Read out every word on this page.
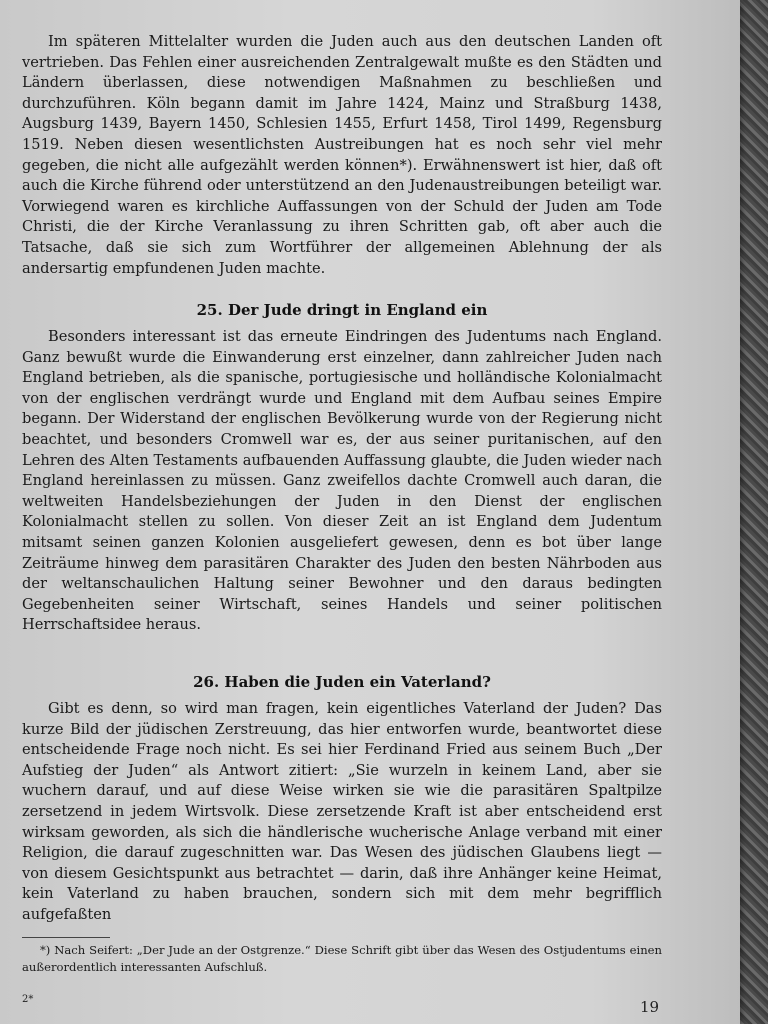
Im späteren Mittelalter wurden die Juden auch aus den deutschen Landen oft vertrieben. Das Fehlen einer ausreichenden Zentralgewalt mußte es den Städten und Ländern überlassen, diese notwendigen Maßnahmen zu beschließen und durchzuführen. Köln begann damit im Jahre 1424, Mainz und Straßburg 1438, Augsburg 1439, Bayern 1450, Schlesien 1455, Erfurt 1458, Tirol 1499, Regensburg 1519. Neben diesen wesentlichsten Austreibungen hat es noch sehr viel mehr gegeben, die nicht alle aufgezählt werden können*). Erwähnenswert ist hier, daß oft auch die Kirche führend oder unterstützend an den Judenaustreibungen beteiligt war. Vorwiegend waren es kirchliche Auffassungen von der Schuld der Juden am Tode Christi, die der Kirche Veranlassung zu ihren Schritten gab, oft aber auch die Tatsache, daß sie sich zum Wortführer der allgemeinen Ablehnung der als andersartig empfundenen Juden machte.

25. Der Jude dringt in England ein

Besonders interessant ist das erneute Eindringen des Judentums nach England. Ganz bewußt wurde die Einwanderung erst einzelner, dann zahlreicher Juden nach England betrieben, als die spanische, portugiesische und holländische Kolonialmacht von der englischen verdrängt wurde und England mit dem Aufbau seines Empire begann. Der Widerstand der englischen Bevölkerung wurde von der Regierung nicht beachtet, und besonders Cromwell war es, der aus seiner puritanischen, auf den Lehren des Alten Testaments aufbauenden Auffassung glaubte, die Juden wieder nach England hereinlassen zu müssen. Ganz zweifellos dachte Cromwell auch daran, die weltweiten Handelsbeziehungen der Juden in den Dienst der englischen Kolonialmacht stellen zu sollen. Von dieser Zeit an ist England dem Judentum mitsamt seinen ganzen Kolonien ausgeliefert gewesen, denn es bot über lange Zeiträume hinweg dem parasitären Charakter des Juden den besten Nährboden aus der weltanschaulichen Haltung seiner Bewohner und den daraus bedingten Gegebenheiten seiner Wirtschaft, seines Handels und seiner politischen Herrschaftsidee heraus.

26. Haben die Juden ein Vaterland?

Gibt es denn, so wird man fragen, kein eigentliches Vaterland der Juden? Das kurze Bild der jüdischen Zerstreuung, das hier entworfen wurde, beantwortet diese entscheidende Frage noch nicht. Es sei hier Ferdinand Fried aus seinem Buch „Der Aufstieg der Juden“ als Antwort zitiert: „Sie wurzeln in keinem Land, aber sie wuchern darauf, und auf diese Weise wirken sie wie die parasitären Spaltpilze zersetzend in jedem Wirtsvolk. Diese zersetzende Kraft ist aber entscheidend erst wirksam geworden, als sich die händlerische wucherische Anlage verband mit einer Religion, die darauf zugeschnitten war. Das Wesen des jüdischen Glaubens liegt — von diesem Gesichtspunkt aus betrachtet — darin, daß ihre Anhänger keine Heimat, kein Vaterland zu haben brauchen, sondern sich mit dem mehr begrifflich aufgefaßten

*) Nach Seifert: „Der Jude an der Ostgrenze.“ Diese Schrift gibt über das Wesen des Ostjudentums einen außerordentlich interessanten Aufschluß.

2*	19
